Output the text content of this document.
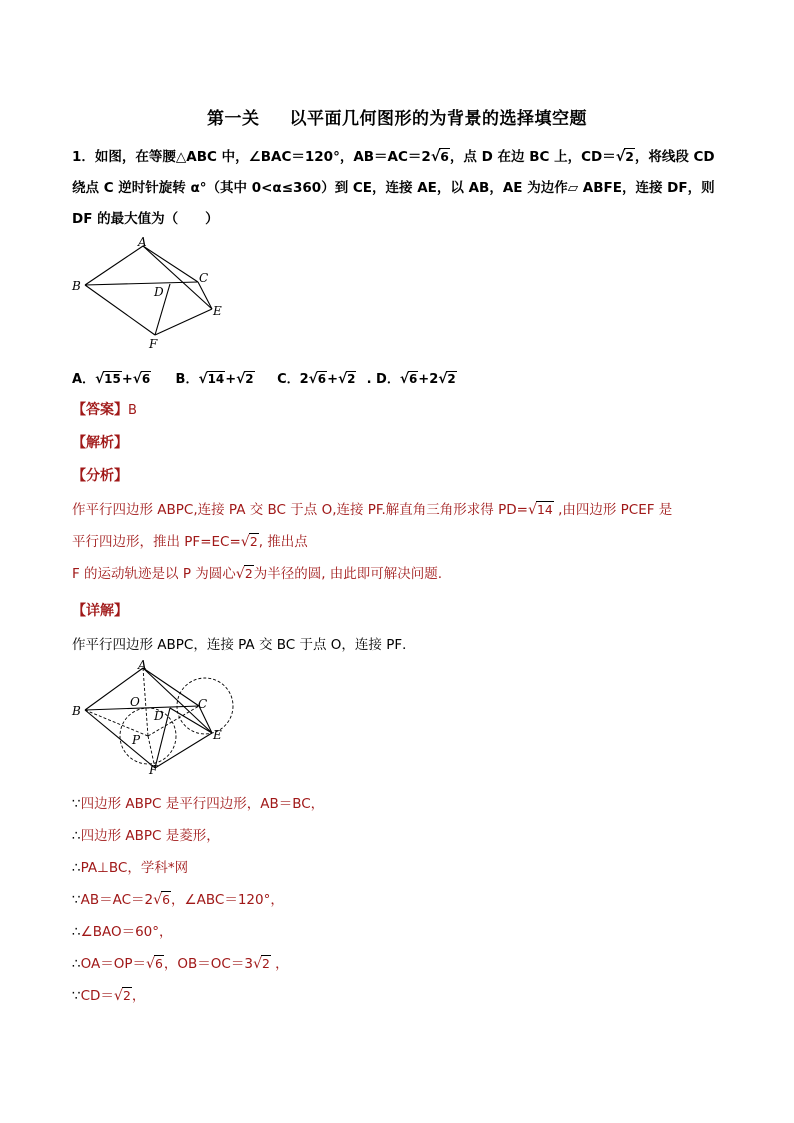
第一关 以平面几何图形的为背景的选择填空题
1．如图，在等腰△ABC 中，∠BAC＝120°，AB＝AC＝2√6，点 D 在边 BC 上，CD＝√2，将线段 CD
绕点 C 逆时针旋转 α°（其中 0<α≤360）到 CE，连接 AE，以 AB，AE 为边作▱ ABFE，连接 DF，则
DF 的最大值为（　　）
A
B
C
D
E
F
A．√15+√6 B．√14+√2 C．2√6+√2 . D．√6+2√2
【答案】B
【解析】
【分析】
作平行四边形 ABPC,连接 PA 交 BC 于点 O,连接 PF.解直角三角形求得 PD=√14 ,由四边形 PCEF 是
平行四边形，推出 PF=EC=√2, 推出点
F 的运动轨迹是以 P 为圆心√2为半径的圆, 由此即可解决问题.
【详解】
作平行四边形 ABPC，连接 PA 交 BC 于点 O，连接 PF．
A
B	C
D
E
F
O
P
∵四边形 ABPC 是平行四边形，AB＝BC，
∴四边形 ABPC 是菱形，
∴PA⊥BC，学科*网
∵AB＝AC＝2√6，∠ABC＝120°，
∴∠BAO＝60°，
∴OA＝OP＝√6，OB＝OC＝3√2 ，
∵CD＝√2，
